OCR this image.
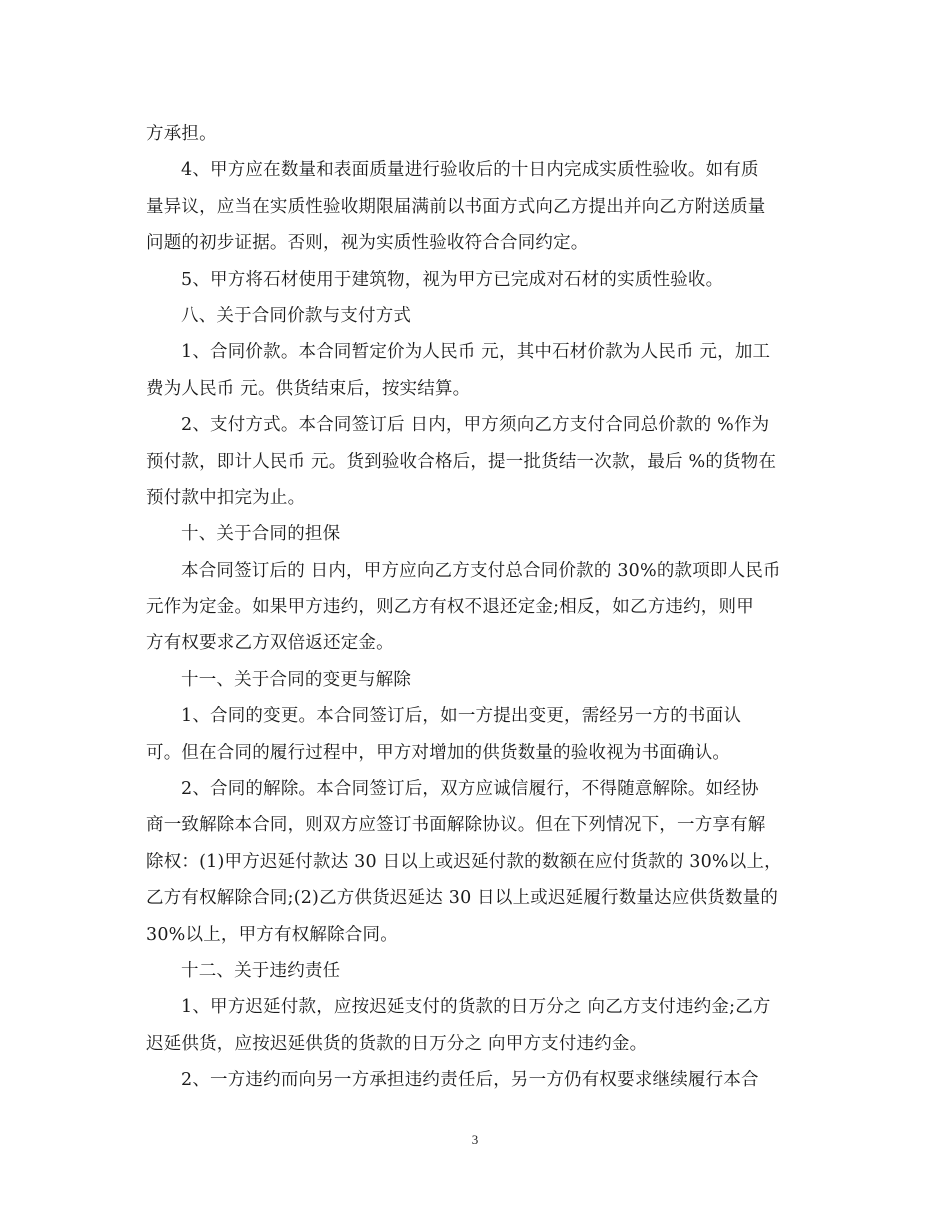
方承担。
4、甲方应在数量和表面质量进行验收后的十日内完成实质性验收。如有质
量异议，应当在实质性验收期限届满前以书面方式向乙方提出并向乙方附送质量
问题的初步证据。否则，视为实质性验收符合合同约定。
5、甲方将石材使用于建筑物，视为甲方已完成对石材的实质性验收。
八、关于合同价款与支付方式
1、合同价款。本合同暂定价为人民币 元，其中石材价款为人民币 元，加工
费为人民币 元。供货结束后，按实结算。
2、支付方式。本合同签订后 日内，甲方须向乙方支付合同总价款的 %作为
预付款，即计人民币 元。货到验收合格后，提一批货结一次款，最后 %的货物在
预付款中扣完为止。
十、关于合同的担保
本合同签订后的 日内，甲方应向乙方支付总合同价款的 30%的款项即人民币
元作为定金。如果甲方违约，则乙方有权不退还定金;相反，如乙方违约，则甲
方有权要求乙方双倍返还定金。
十一、关于合同的变更与解除
1、合同的变更。本合同签订后，如一方提出变更，需经另一方的书面认
可。但在合同的履行过程中，甲方对增加的供货数量的验收视为书面确认。
2、合同的解除。本合同签订后，双方应诚信履行，不得随意解除。如经协
商一致解除本合同，则双方应签订书面解除协议。但在下列情况下，一方享有解
除权：(1)甲方迟延付款达 30 日以上或迟延付款的数额在应付货款的 30%以上，
乙方有权解除合同;(2)乙方供货迟延达 30 日以上或迟延履行数量达应供货数量的
30%以上，甲方有权解除合同。
十二、关于违约责任
1、甲方迟延付款，应按迟延支付的货款的日万分之 向乙方支付违约金;乙方
迟延供货，应按迟延供货的货款的日万分之 向甲方支付违约金。
2、一方违约而向另一方承担违约责任后，另一方仍有权要求继续履行本合
3
